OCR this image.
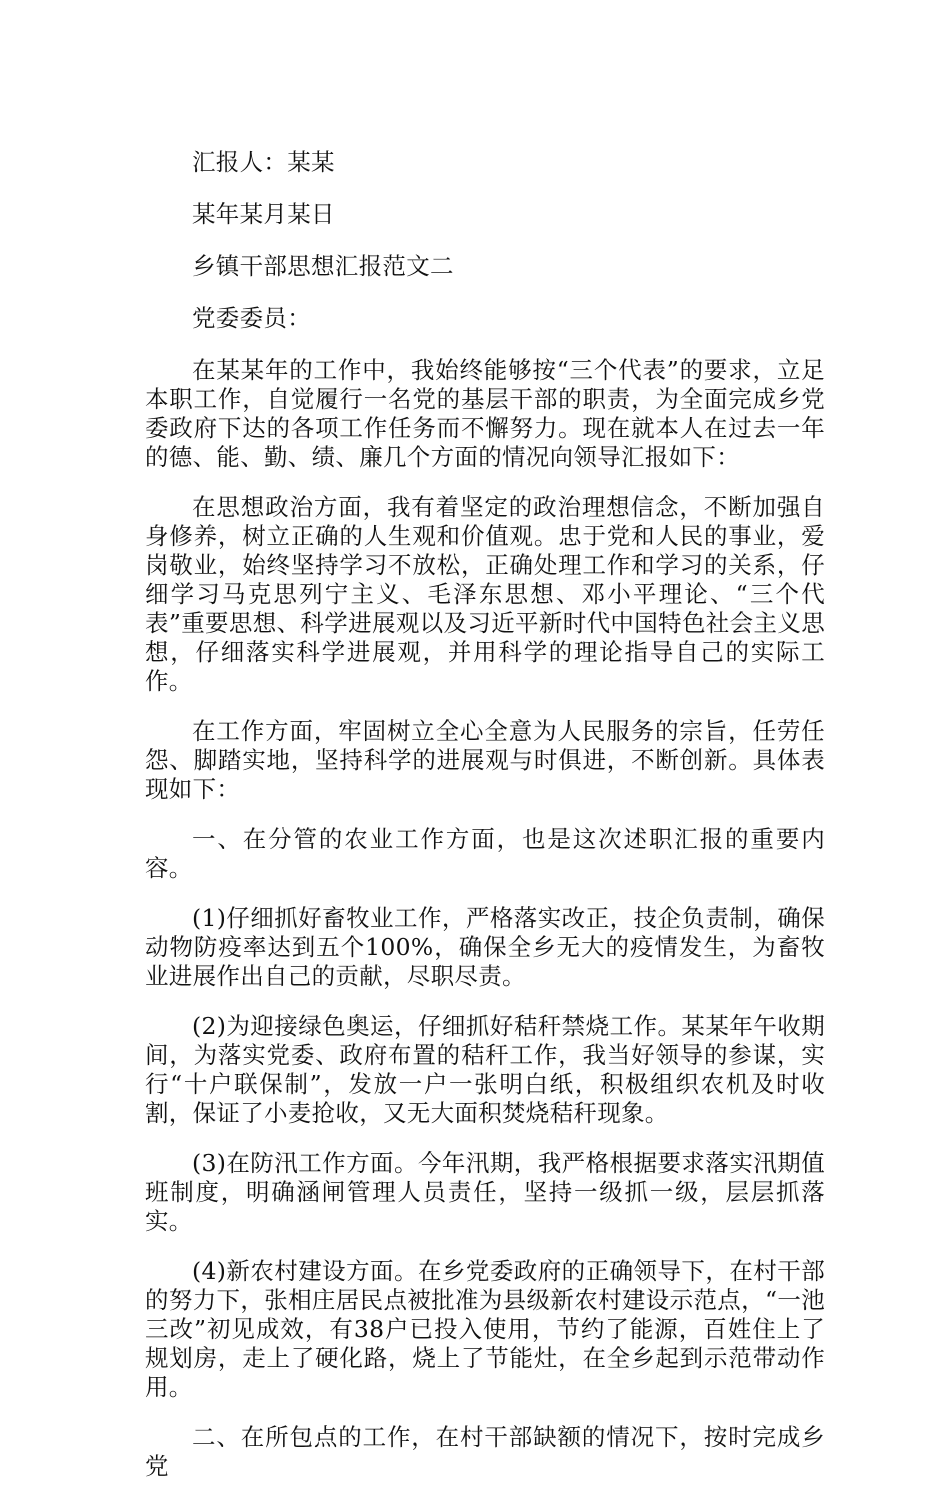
汇报人：某某

某年某月某日

乡镇干部思想汇报范文二

党委委员：

在某某年的工作中，我始终能够按“三个代表”的要求，立足本职工作，自觉履行一名党的基层干部的职责，为全面完成乡党委政府下达的各项工作任务而不懈努力。现在就本人在过去一年的德、能、勤、绩、廉几个方面的情况向领导汇报如下：

在思想政治方面，我有着坚定的政治理想信念，不断加强自身修养，树立正确的人生观和价值观。忠于党和人民的事业，爱岗敬业，始终坚持学习不放松，正确处理工作和学习的关系，仔细学习马克思列宁主义、毛泽东思想、邓小平理论、“三个代表”重要思想、科学进展观以及习近平新时代中国特色社会主义思想，仔细落实科学进展观，并用科学的理论指导自己的实际工作。

在工作方面，牢固树立全心全意为人民服务的宗旨，任劳任怨、脚踏实地，坚持科学的进展观与时俱进，不断创新。具体表现如下：

一、在分管的农业工作方面，也是这次述职汇报的重要内容。

(1)仔细抓好畜牧业工作，严格落实改正，技企负责制，确保动物防疫率达到五个100%，确保全乡无大的疫情发生，为畜牧业进展作出自己的贡献，尽职尽责。

(2)为迎接绿色奥运，仔细抓好秸秆禁烧工作。某某年午收期间，为落实党委、政府布置的秸秆工作，我当好领导的参谋，实行“十户联保制”，发放一户一张明白纸，积极组织农机及时收割，保证了小麦抢收，又无大面积焚烧秸秆现象。

(3)在防汛工作方面。今年汛期，我严格根据要求落实汛期值班制度，明确涵闸管理人员责任，坚持一级抓一级，层层抓落实。

(4)新农村建设方面。在乡党委政府的正确领导下，在村干部的努力下，张相庄居民点被批准为县级新农村建设示范点，“一池三改”初见成效，有38户已投入使用，节约了能源，百姓住上了规划房，走上了硬化路，烧上了节能灶，在全乡起到示范带动作用。

二、在所包点的工作，在村干部缺额的情况下，按时完成乡党
